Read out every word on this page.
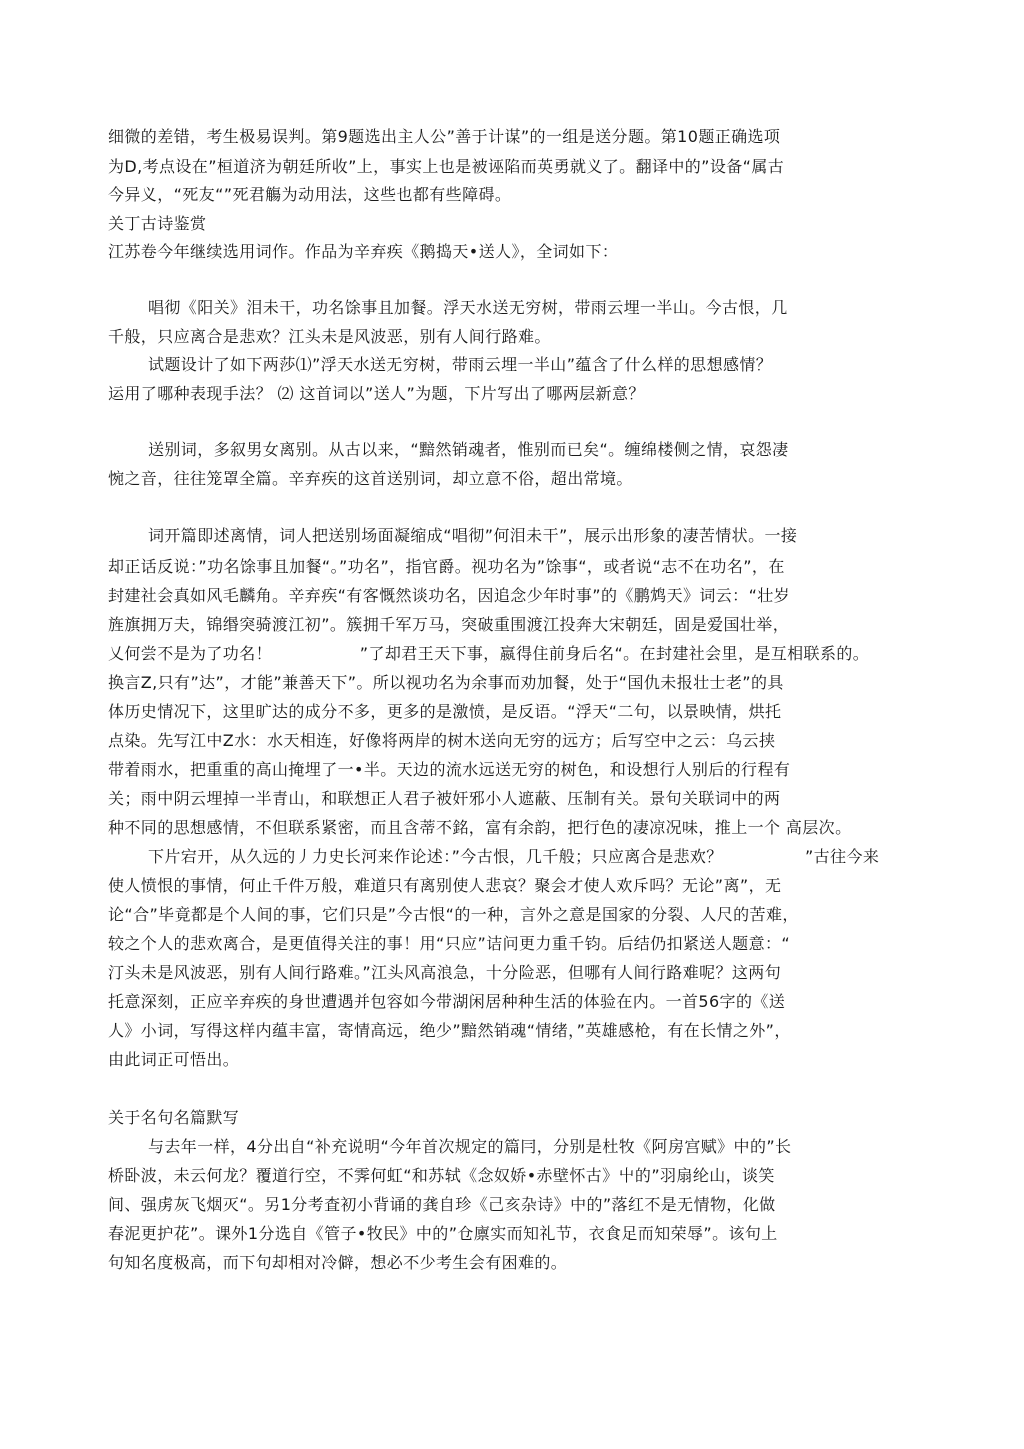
细微的差错，考生极易误判。第9题选出主人公”善于计谋”的一组是送分题。第10题正确选项
为D,考点设在”桓道济为朝廷所收”上，事实上也是被诬陷而英勇就义了。翻译中的”设备“属古
今异义，“死友“”死君觴为动用法，这些也都有些障碍。
关丁古诗鉴赏
江苏卷今年继续选用词作。作品为辛弃疾《鹅捣天•送人》，全词如下：
唱彻《阳关》泪未干，功名馀事且加餐。浮天水送无穷树，带雨云埋一半山。今古恨，几
千般，只应离合是悲欢？江头未是风波恶，别有人间行路难。
试题设计了如下两莎⑴”浮天水送无穷树，带雨云埋一半山”蕴含了什么样的思想感情？
运用了哪种表现手法？ ⑵ 这首词以”送人”为题，下片写出了哪两层新意？
送别词，多叙男女离别。从古以来，“黯然销魂者，惟别而已矣“。缠绵楼侧之情，哀怨凄
惋之音，往往笼罩全篇。辛弃疾的这首送别词，却立意不俗，超出常境。
词开篇即述离情，词人把送别场面凝缩成“唱彻”何泪未干”，展示出形象的凄苦情状。一接
却正话反说：”功名馀事且加餐“。”功名”，指官爵。视功名为”馀事“，或者说“志不在功名”，在
封建社会真如风毛麟角。辛弃疾“有客慨然谈功名，因追念少年时事”的《鹏鸩天》词云：“壮岁
旌旗拥万夫，锦缗突骑渡江初”。簇拥千军万马，突破重围渡江投奔大宋朝廷，固是爱国壮举，
乂何尝不是为了功名！                ”了却君王天下事，嬴得住前身后名“。在封建社会里，是互相联系的。
换言Z,只有”达”，才能”兼善天下”。所以视功名为余事而劝加餐，处于“国仇未报壮士老”的具
体历史情况下，这里旷达的成分不多，更多的是激愤，是反语。“浮天“二句，以景映情，烘托
点染。先写江中Z水：水天相连，好像将两岸的树木送向无穷的远方；后写空中之云：乌云挟
带着雨水，把重重的高山掩埋了一•半。天边的流水远送无穷的树色，和设想行人别后的行程有
关；雨中阴云埋掉一半青山，和联想正人君子被奸邪小人遮蔽、压制有关。景句关联词中的两
种不同的思想感情，不但联系紧密，而且含蒂不銘，富有余韵，把行色的凄凉况味，推上一个 高层次。
下片宕开，从久远的丿力史长河来作论述：”今古恨，几千般；只应离合是悲欢？               ”古往今来
使人愤恨的事情，何止千件万般，难道只有离别使人悲哀？聚会才使人欢斥吗？无论”离”，无
论“合”毕竟都是个人间的事，它们只是”今古恨“的一种，言外之意是国家的分裂、人尺的苦难，
较之个人的悲欢离合，是更值得关注的事！用“只应”诘问更力重千钧。后结仍扣紧送人题意：“
汀头未是风波恶，别有人间行路难。”江头风高浪急，十分险恶，但哪有人间行路难呢？这两句
托意深刻，正应辛弃疾的身世遭遇并包容如今带湖闲居种种生活的体验在内。一首56字的《送
人》小词，写得这样内蕴丰富，寄情高远，绝少”黯然销魂“情绪，”英雄感枪，有在长情之外”，
由此词正可悟出。
关于名句名篇默写
与去年一样，4分出自“补充说明“今年首次规定的篇冃，分别是杜牧《阿房宫赋》中的”长
桥卧波，未云何龙？覆道行空，不霁何虹“和苏轼《念奴娇•赤壁怀古》屮的”羽扇纶山，谈笑
间、强虏灰飞烟灭“。另1分考査初小背诵的龚自珍《己亥杂诗》中的”落红不是无情物，化做
春泥更护花”。课外1分选自《管子•牧民》中的”仓廪实而知礼节，衣食足而知荣辱”。该句上
句知名度极高，而下句却相对冷僻，想必不少考生会有困难的。
